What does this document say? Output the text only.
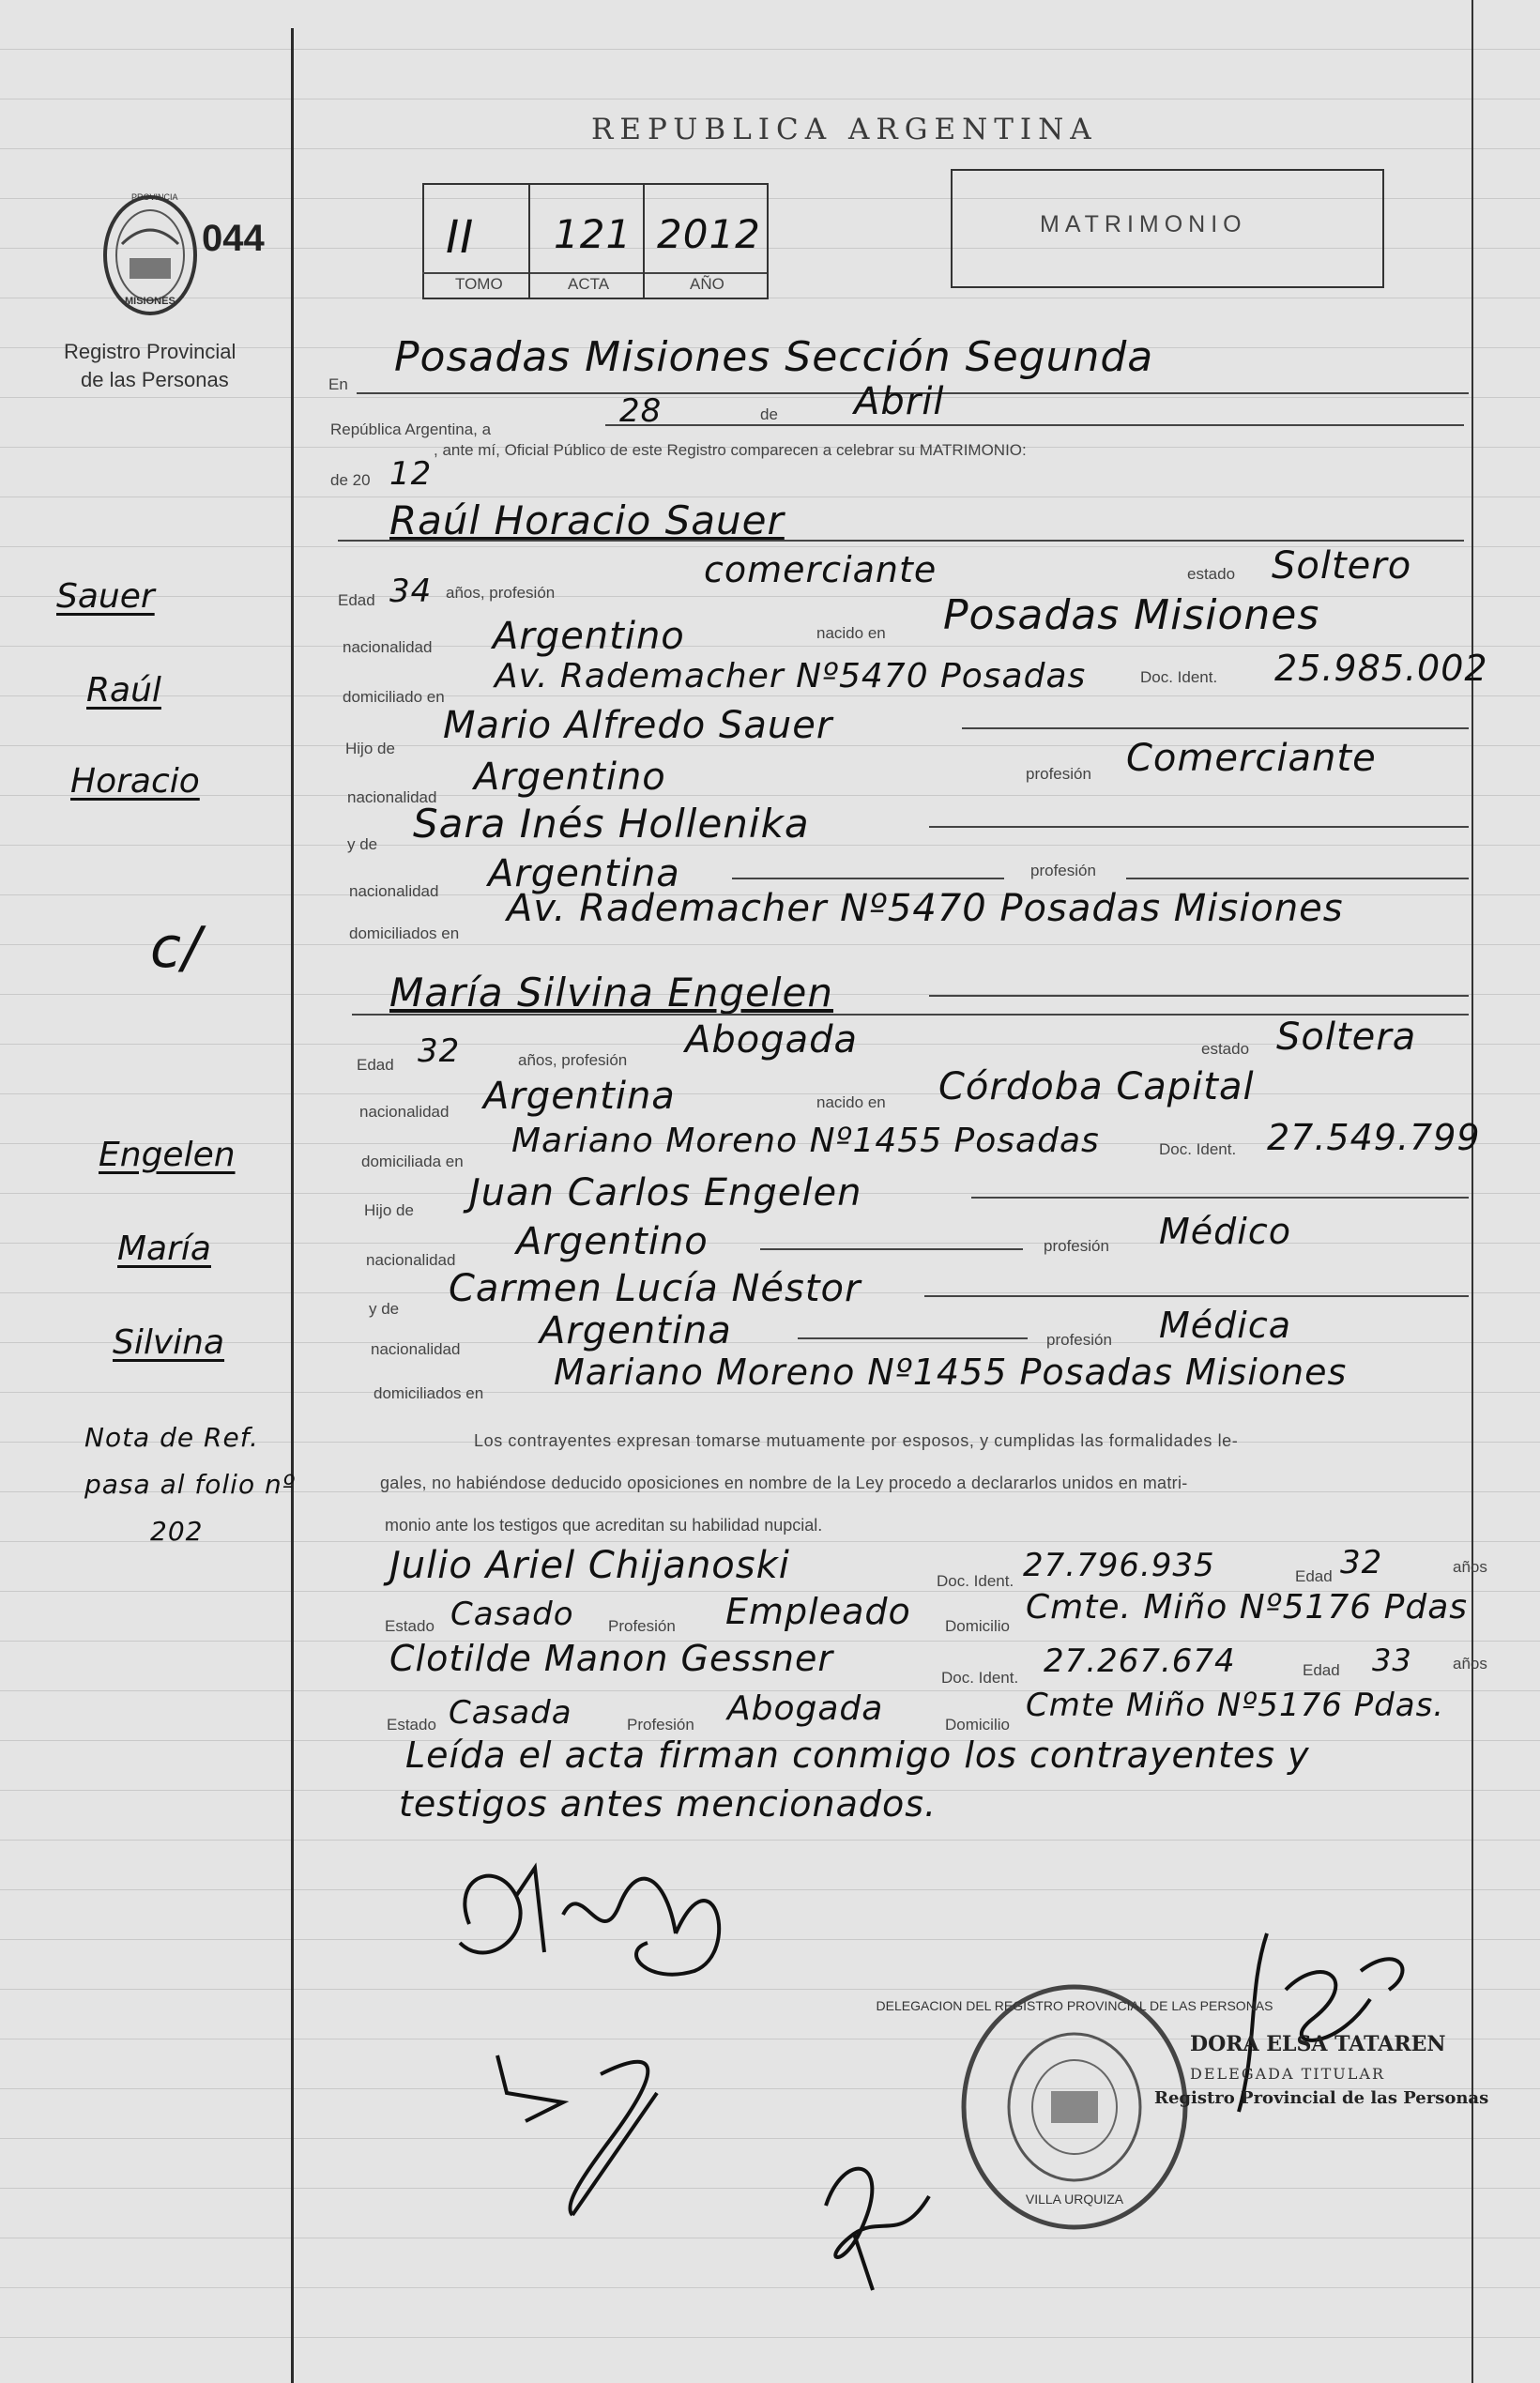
PROVINCIA
MISIONES
044
Registro Provincial
de las Personas
REPUBLICA ARGENTINA
II 121 2012
TOMO	ACTA	AÑO
MATRIMONIO
Sauer
Raúl
Horacio
c/
Engelen
María
Silvina
Nota de Ref.
pasa al folio nº
202
En
Posadas Misiones Sección Segunda
República Argentina, a	28	de Abril
de 20 12
, ante mí, Oficial Público de este Registro comparecen a celebrar su MATRIMONIO:
Raúl Horacio Sauer
Edad 34 años, profesión
comerciante	estado Soltero
nacionalidad Argentino	nacido en Posadas Misiones
domiciliado en
Av. Rademacher Nº5470 Posadas	Doc. Ident. 25.985.002
Hijo de
Mario Alfredo Sauer
nacionalidad Argentino	profesión Comerciante
y de Sara Inés Hollenika
nacionalidad Argentina	profesión
domiciliados en
Av. Rademacher Nº5470 Posadas Misiones
María Silvina Engelen
Edad 32	años, profesión Abogada	estado Soltera
nacionalidad Argentina	nacido en Córdoba Capital
domiciliada en
Mariano Moreno Nº1455 Posadas	Doc. Ident. 27.549.799
Hijo de Juan Carlos Engelen
nacionalidad Argentino	profesión Médico
y de Carmen Lucía Néstor
nacionalidad Argentina	profesión Médica
domiciliados en
Mariano Moreno Nº1455 Posadas Misiones
Los contrayentes expresan tomarse mutuamente por esposos, y cumplidas las formalidades le-
gales, no habiéndose deducido oposiciones en nombre de la Ley procedo a declararlos unidos en matri-
monio ante los testigos que acreditan su habilidad nupcial.
Julio Ariel Chijanoski	Doc. Ident. 27.796.935	Edad 32	años
Estado Casado Profesión Empleado Domicilio Cmte. Miño Nº5176 Pdas
Clotilde Manon Gessner	Doc. Ident. 27.267.674	Edad 33	años
Estado Casada	Profesión Abogada	Domicilio
Cmte Miño Nº5176 Pdas.
Leída el acta firman conmigo los contrayentes y
testigos antes mencionados.
DELEGACION DEL REGISTRO PROVINCIAL DE LAS PERSONAS
VILLA URQUIZA
DORA ELSA TATAREN
DELEGADA TITULAR
Registro Provincial de las Personas
